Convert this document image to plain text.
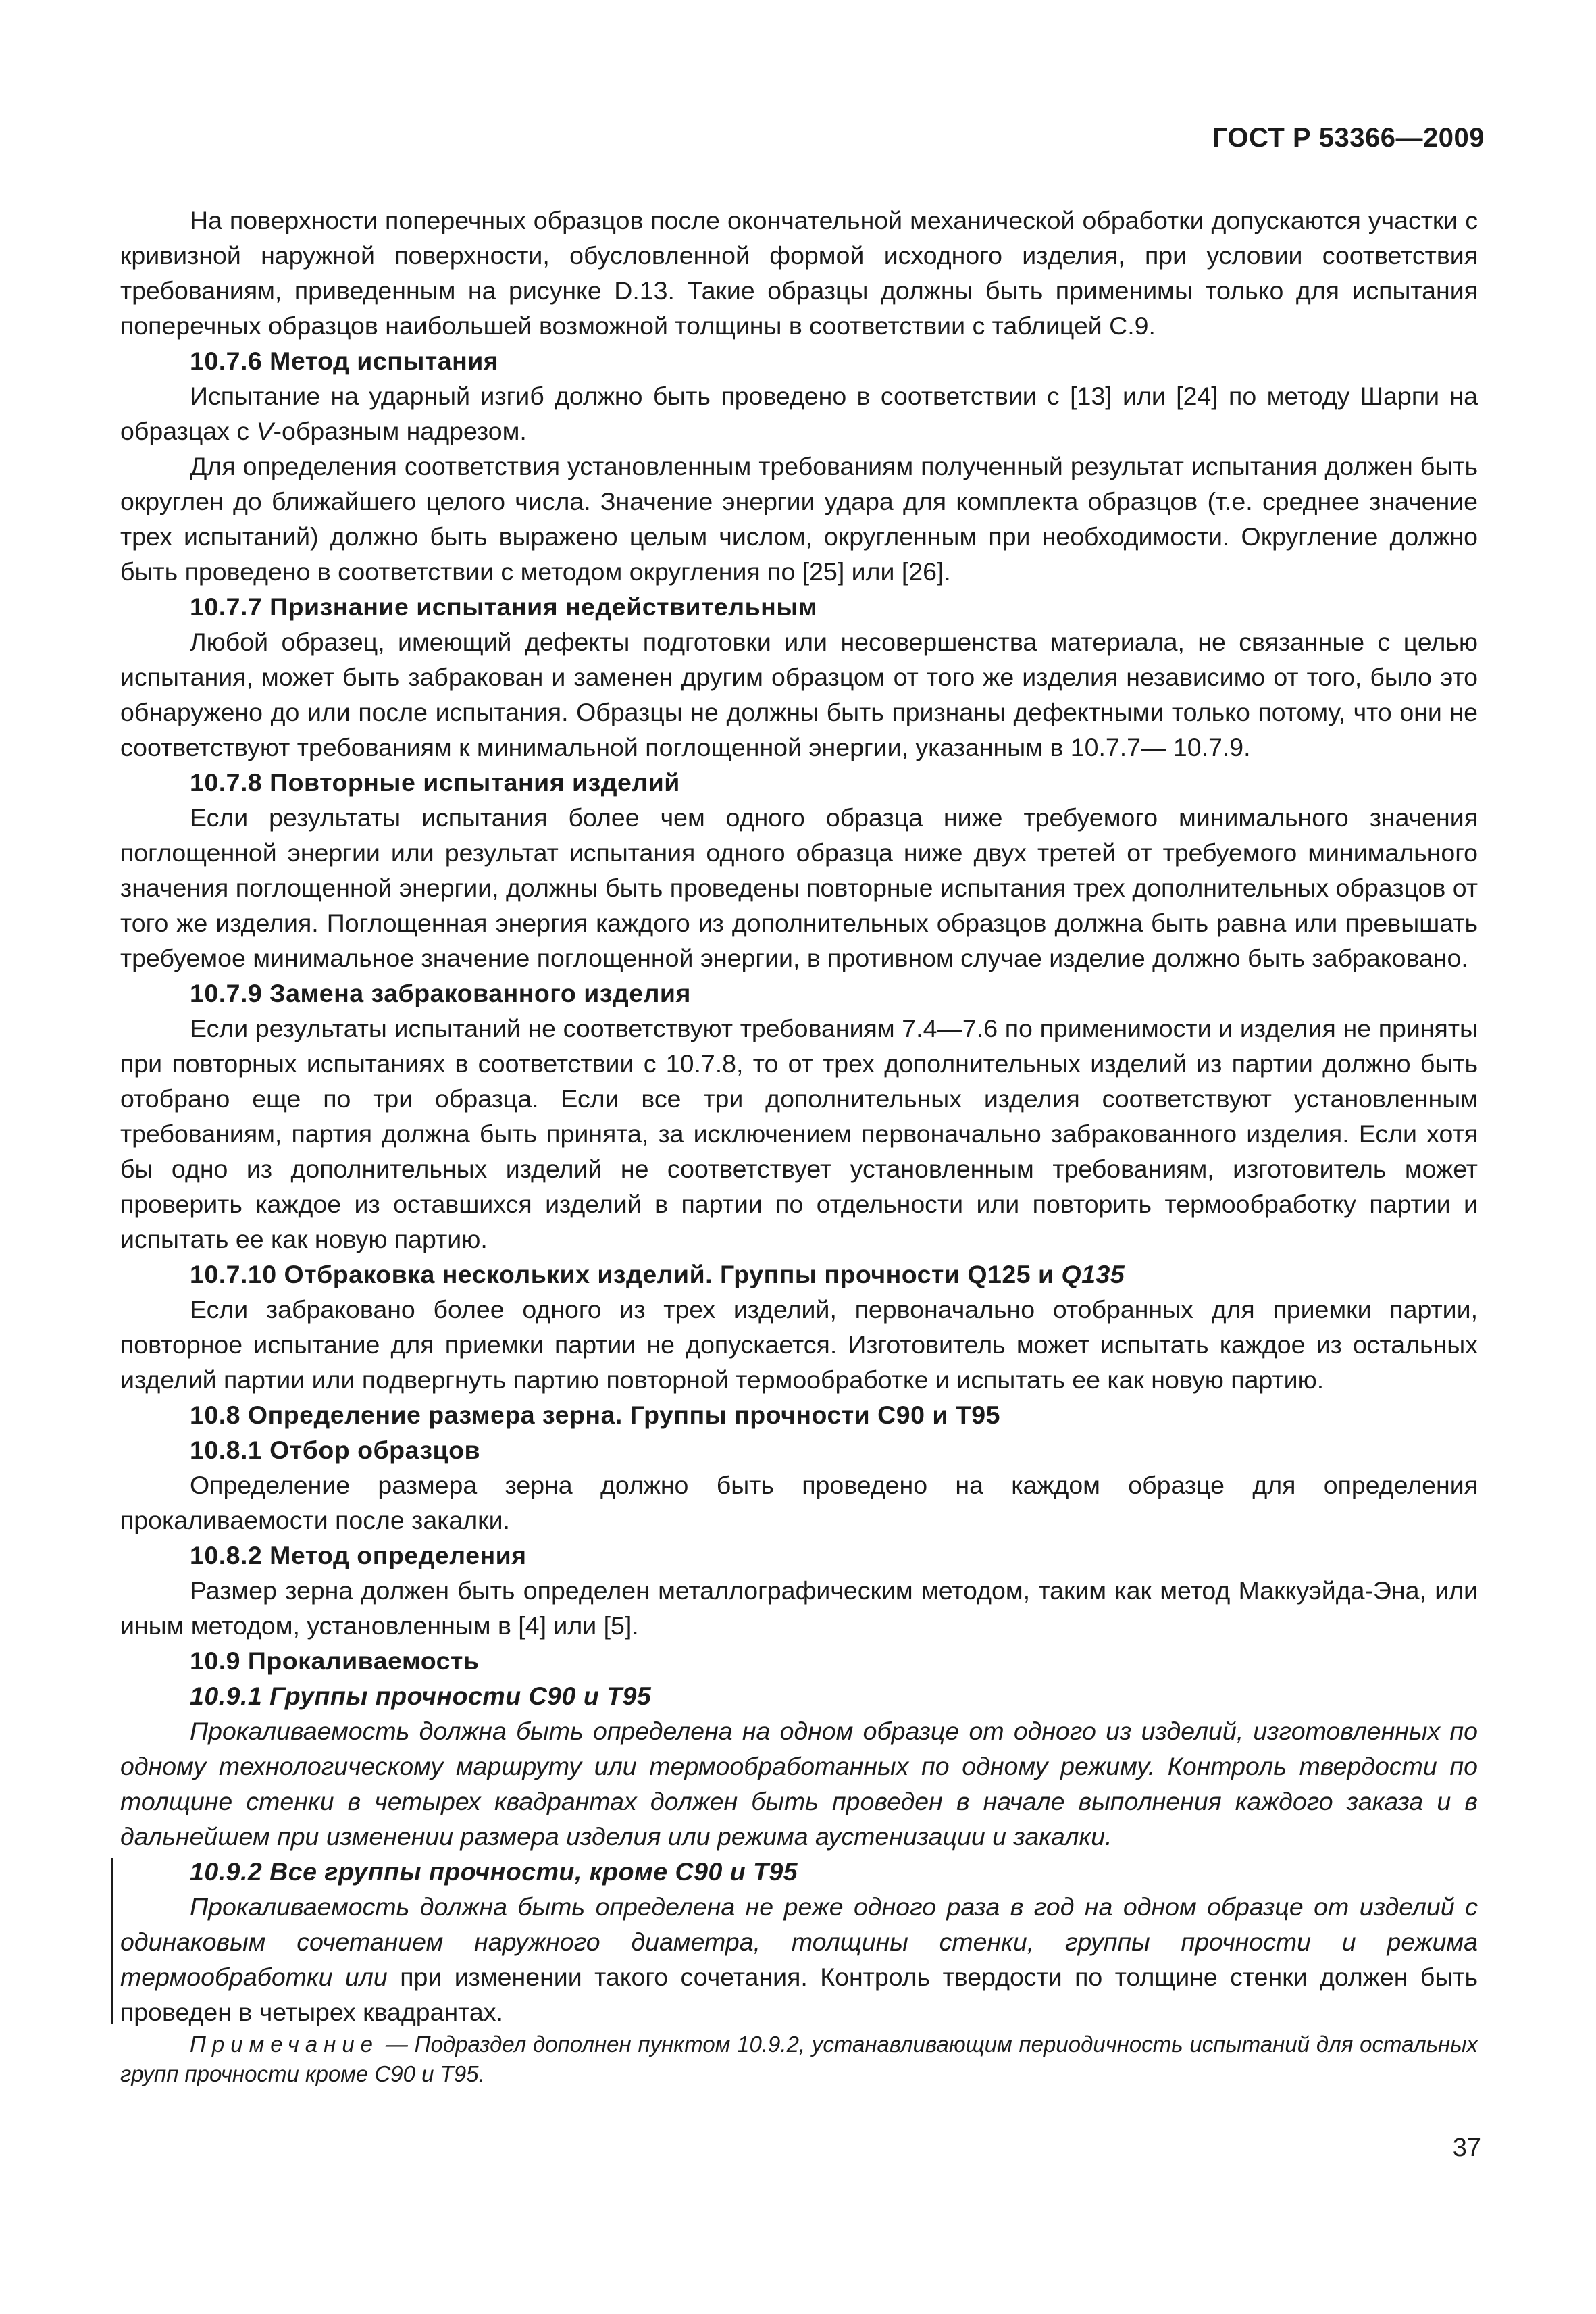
ГОСТ Р 53366—2009

На поверхности поперечных образцов после окончательной механической обработки допускаются участки с кривизной наружной поверхности, обусловленной формой исходного изделия, при условии соответствия требованиям, приведенным на рисунке D.13. Такие образцы должны быть применимы только для испытания поперечных образцов наибольшей возможной толщины в соответствии с таблицей С.9.

10.7.6 Метод испытания

Испытание на ударный изгиб должно быть проведено в соответствии с [13] или [24] по методу Шарпи на образцах с V-образным надрезом.

Для определения соответствия установленным требованиям полученный результат испытания должен быть округлен до ближайшего целого числа. Значение энергии удара для комплекта образцов (т.е. среднее значение трех испытаний) должно быть выражено целым числом, округленным при необходимости. Округление должно быть проведено в соответствии с методом округления по [25] или [26].

10.7.7 Признание испытания недействительным

Любой образец, имеющий дефекты подготовки или несовершенства материала, не связанные с целью испытания, может быть забракован и заменен другим образцом от того же изделия независимо от того, было это обнаружено до или после испытания. Образцы не должны быть признаны дефектными только потому, что они не соответствуют требованиям к минимальной поглощенной энергии, указанным в 10.7.7— 10.7.9.

10.7.8 Повторные испытания изделий

Если результаты испытания более чем одного образца ниже требуемого минимального значения поглощенной энергии или результат испытания одного образца ниже двух третей от требуемого минимального значения поглощенной энергии, должны быть проведены повторные испытания трех дополнительных образцов от того же изделия. Поглощенная энергия каждого из дополнительных образцов должна быть равна или превышать требуемое минимальное значение поглощенной энергии, в противном случае изделие должно быть забраковано.

10.7.9 Замена забракованного изделия

Если результаты испытаний не соответствуют требованиям 7.4—7.6 по применимости и изделия не приняты при повторных испытаниях в соответствии с 10.7.8, то от трех дополнительных изделий из партии должно быть отобрано еще по три образца. Если все три дополнительных изделия соответствуют установленным требованиям, партия должна быть принята, за исключением первоначально забракованного изделия. Если хотя бы одно из дополнительных изделий не соответствует установленным требованиям, изготовитель может проверить каждое из оставшихся изделий в партии по отдельности или повторить термообработку партии и испытать ее как новую партию.

10.7.10 Отбраковка нескольких изделий. Группы прочности Q125 и Q135

Если забраковано более одного из трех изделий, первоначально отобранных для приемки партии, повторное испытание для приемки партии не допускается. Изготовитель может испытать каждое из остальных изделий партии или подвергнуть партию повторной термообработке и испытать ее как новую партию.

10.8 Определение размера зерна. Группы прочности С90 и Т95
10.8.1 Отбор образцов

Определение размера зерна должно быть проведено на каждом образце для определения прокаливаемости после закалки.

10.8.2 Метод определения

Размер зерна должен быть определен металлографическим методом, таким как метод Маккуэйда-Эна, или иным методом, установленным в [4] или [5].

10.9 Прокаливаемость
10.9.1 Группы прочности С90 и Т95

Прокаливаемость должна быть определена на одном образце от одного из изделий, изготовленных по одному технологическому маршруту или термообработанных по одному режиму. Контроль твердости по толщине стенки в четырех квадрантах должен быть проведен в начале выполнения каждого заказа и в дальнейшем при изменении размера изделия или режима аустенизации и закалки.

10.9.2 Все группы прочности, кроме С90 и Т95

Прокаливаемость должна быть определена не реже одного раза в год на одном образце от изделий с одинаковым сочетанием наружного диаметра, толщины стенки, группы прочности и режима термообработки или при изменении такого сочетания. Контроль твердости по толщине стенки должен быть проведен в четырех квадрантах.

Примечание — Подраздел дополнен пунктом 10.9.2, устанавливающим периодичность испытаний для остальных групп прочности кроме С90 и Т95.

37
